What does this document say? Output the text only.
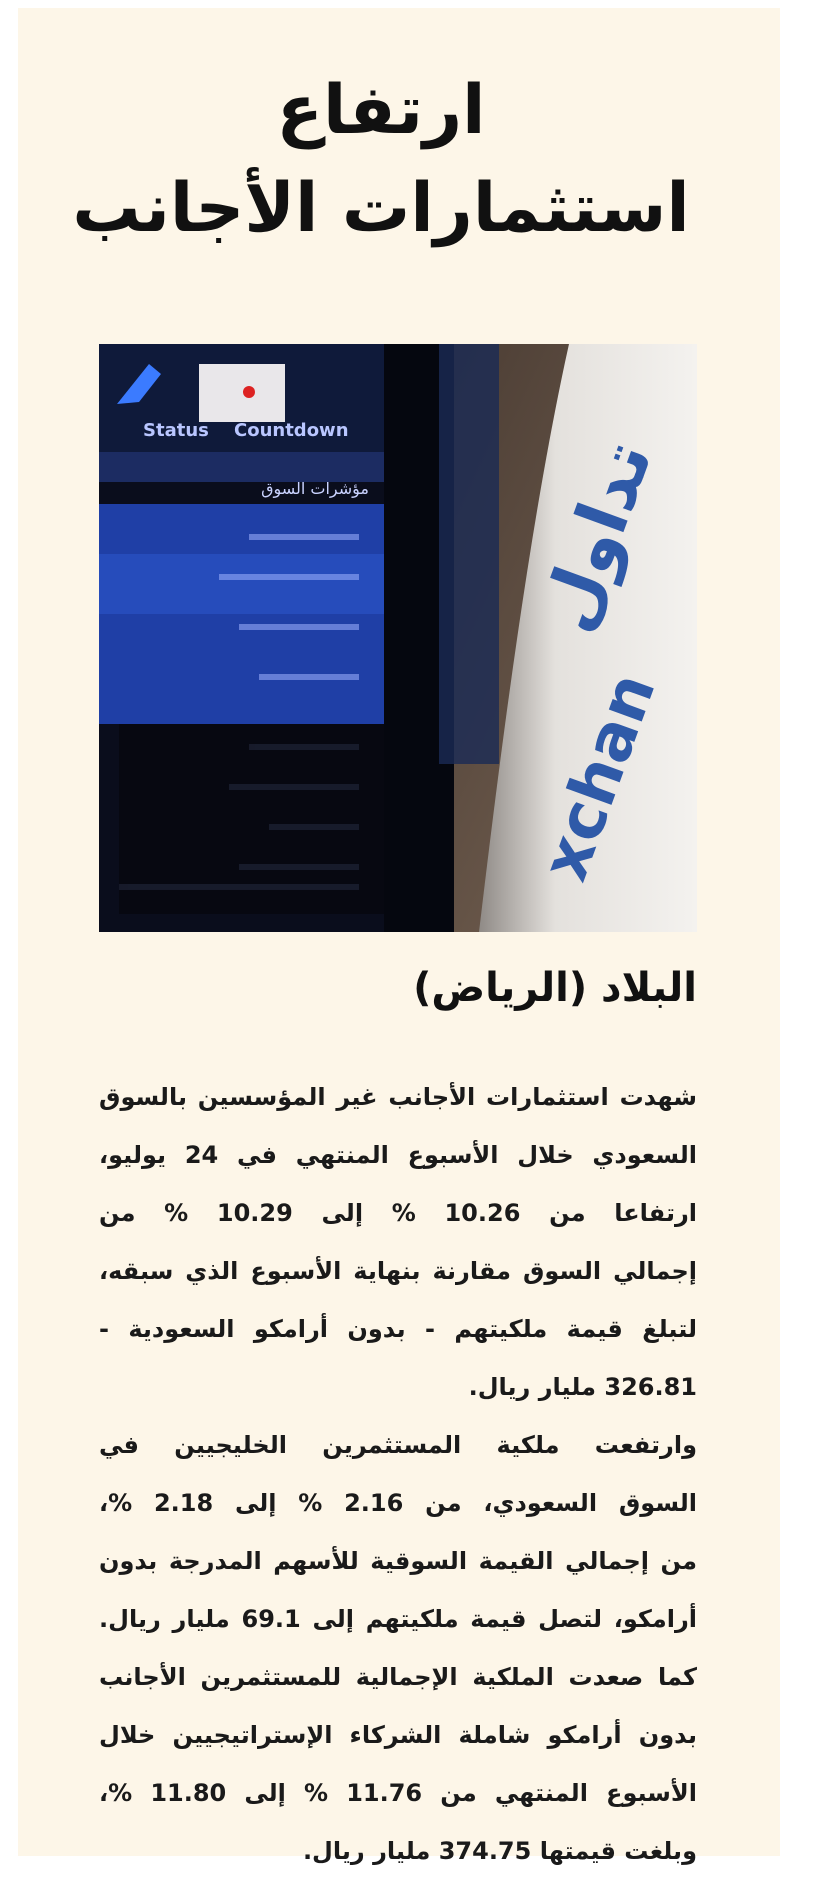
ارتفاع
استثمارات الأجانب
Status Countdown
مؤشرات السوق تداول
xchan
البلاد (الرياض)
شهدت استثمارات الأجانب غير المؤسسين بالسوق
السعودي خلال الأسبوع المنتهي في 24 يوليو،
ارتفاعا من 10.26 % إلى 10.29 % من
إجمالي السوق مقارنة بنهاية الأسبوع الذي سبقه،
لتبلغ قيمة ملكيتهم - بدون أرامكو السعودية -
326.81 مليار ريال.
وارتفعت ملكية المستثمرين الخليجيين في
السوق السعودي، من 2.16 % إلى 2.18 %،
من إجمالي القيمة السوقية للأسهم المدرجة بدون
أرامكو، لتصل قيمة ملكيتهم إلى 69.1 مليار ريال.
كما صعدت الملكية الإجمالية للمستثمرين الأجانب
بدون أرامكو شاملة الشركاء الإستراتيجيين خلال
الأسبوع المنتهي من 11.76 % إلى 11.80 %،
وبلغت قيمتها 374.75 مليار ريال.
